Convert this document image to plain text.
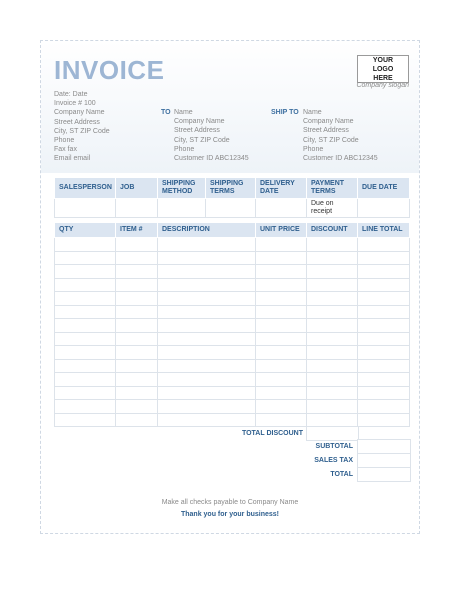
INVOICE	YOUR LOGO HERE
Company slogan
Date: Date
Invoice # 100
Company Name
Street Address
City, ST ZIP Code
Phone
Fax fax
Email email
TO Name
Company Name
Street Address
City, ST ZIP Code
Phone
Customer ID ABC12345
SHIP TO Name
Company Name
Street Address
City, ST ZIP Code
Phone
Customer ID ABC12345
SALESPERSON	JOB	SHIPPING METHOD	SHIPPING TERMS	DELIVERY DATE	PAYMENT TERMS	DUE DATE
					Due on receipt	
QTY	ITEM #	DESCRIPTION	UNIT PRICE	DISCOUNT	LINE TOTAL

TOTAL DISCOUNT
SUBTOTAL
SALES TAX
TOTAL
Make all checks payable to Company Name
Thank you for your business!
